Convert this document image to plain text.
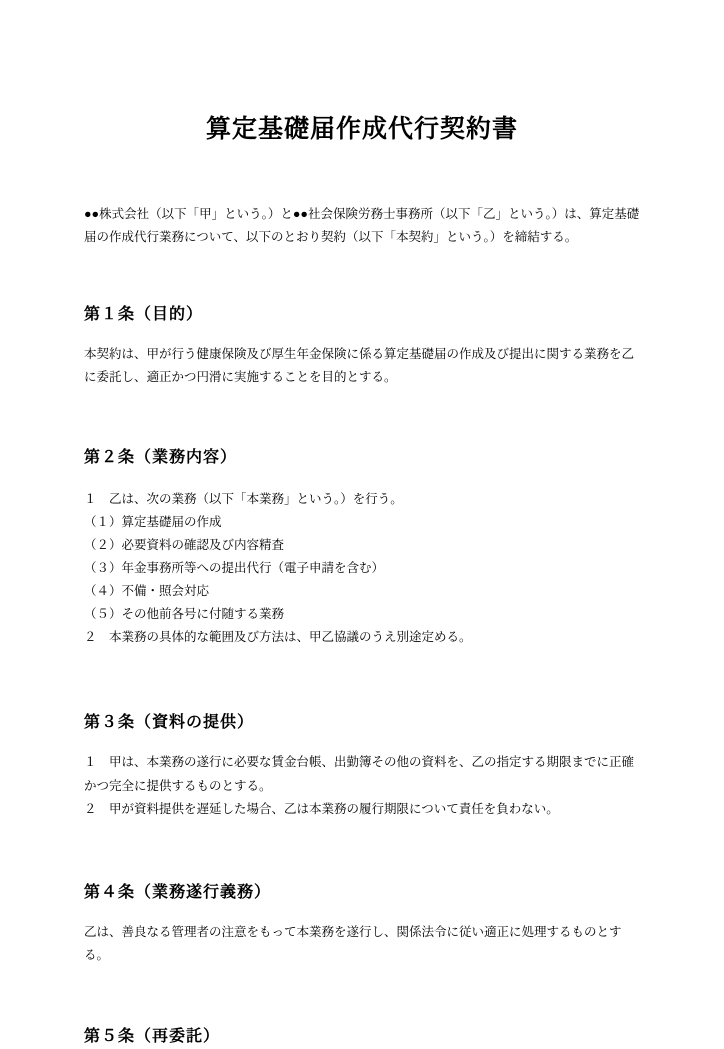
算定基礎届作成代行契約書
●●株式会社（以下「甲」という。）と●●社会保険労務士事務所（以下「乙」という。）は、算定基礎届の作成代行業務について、以下のとおり契約（以下「本契約」という。）を締結する。
第１条（目的）

本契約は、甲が行う健康保険及び厚生年金保険に係る算定基礎届の作成及び提出に関する業務を乙に委託し、適正かつ円滑に実施することを目的とする。

第２条（業務内容）

１　乙は、次の業務（以下「本業務」という。）を行う。

（１）算定基礎届の作成

（２）必要資料の確認及び内容精査

（３）年金事務所等への提出代行（電子申請を含む）

（４）不備・照会対応

（５）その他前各号に付随する業務

２　本業務の具体的な範囲及び方法は、甲乙協議のうえ別途定める。

第３条（資料の提供）

１　甲は、本業務の遂行に必要な賃金台帳、出勤簿その他の資料を、乙の指定する期限までに正確かつ完全に提供するものとする。

２　甲が資料提供を遅延した場合、乙は本業務の履行期限について責任を負わない。

第４条（業務遂行義務）

乙は、善良なる管理者の注意をもって本業務を遂行し、関係法令に従い適正に処理するものとする。

第５条（再委託）
